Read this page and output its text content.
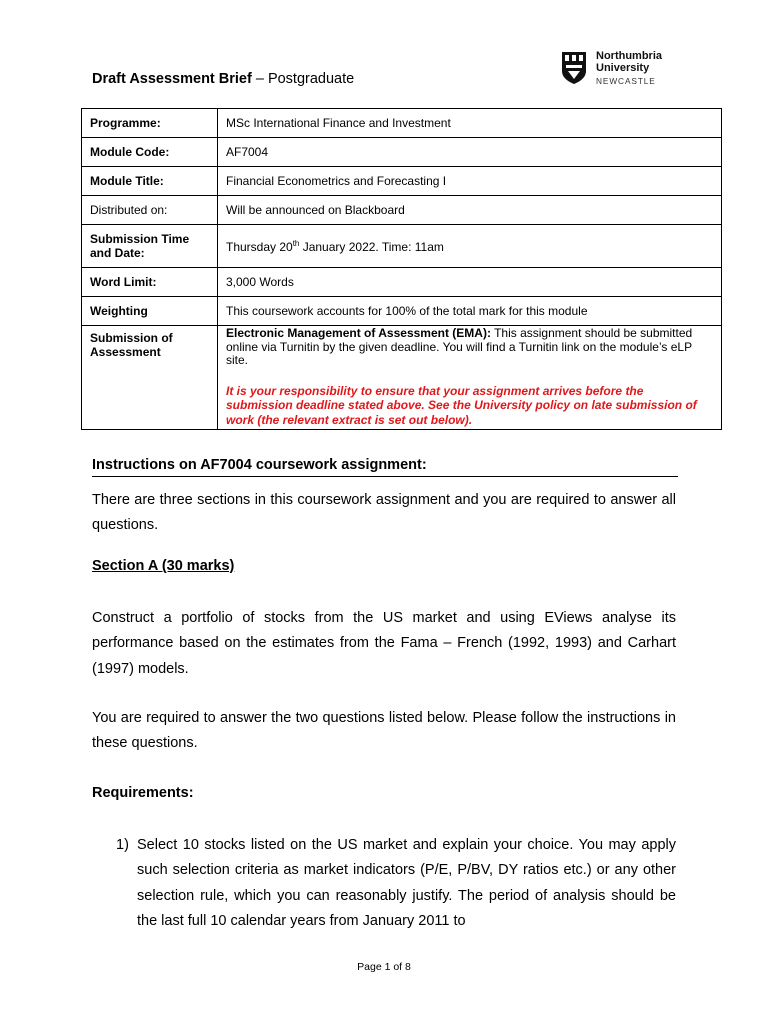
Draft Assessment Brief – Postgraduate
Northumbria
University
NEWCASTLE
Programme:	MSc International Finance and Investment
Module Code:	AF7004
Module Title:	Financial Econometrics and Forecasting I
Distributed on:	Will be announced on Blackboard
Submission Time and Date:	Thursday 20th January 2022. Time: 11am
Word Limit:	3,000 Words
Weighting	This coursework accounts for 100% of the total mark for this module
Submission of Assessment	Electronic Management of Assessment (EMA): This assignment should be submitted online via Turnitin by the given deadline. You will find a Turnitin link on the module’s eLP site.
It is your responsibility to ensure that your assignment arrives before the submission deadline stated above. See the University policy on late submission of work (the relevant extract is set out below).
Instructions on AF7004 coursework assignment:
There are three sections in this coursework assignment and you are required to answer all questions.
Section A (30 marks)
Construct a portfolio of stocks from the US market and using EViews analyse its performance based on the estimates from the Fama – French (1992, 1993) and Carhart (1997) models.
You are required to answer the two questions listed below. Please follow the instructions in these questions.
Requirements:
1) Select 10 stocks listed on the US market and explain your choice. You may apply such selection criteria as market indicators (P/E, P/BV, DY ratios etc.) or any other selection rule, which you can reasonably justify. The period of analysis should be the last full 10 calendar years from January 2011 to
Page 1 of 8
